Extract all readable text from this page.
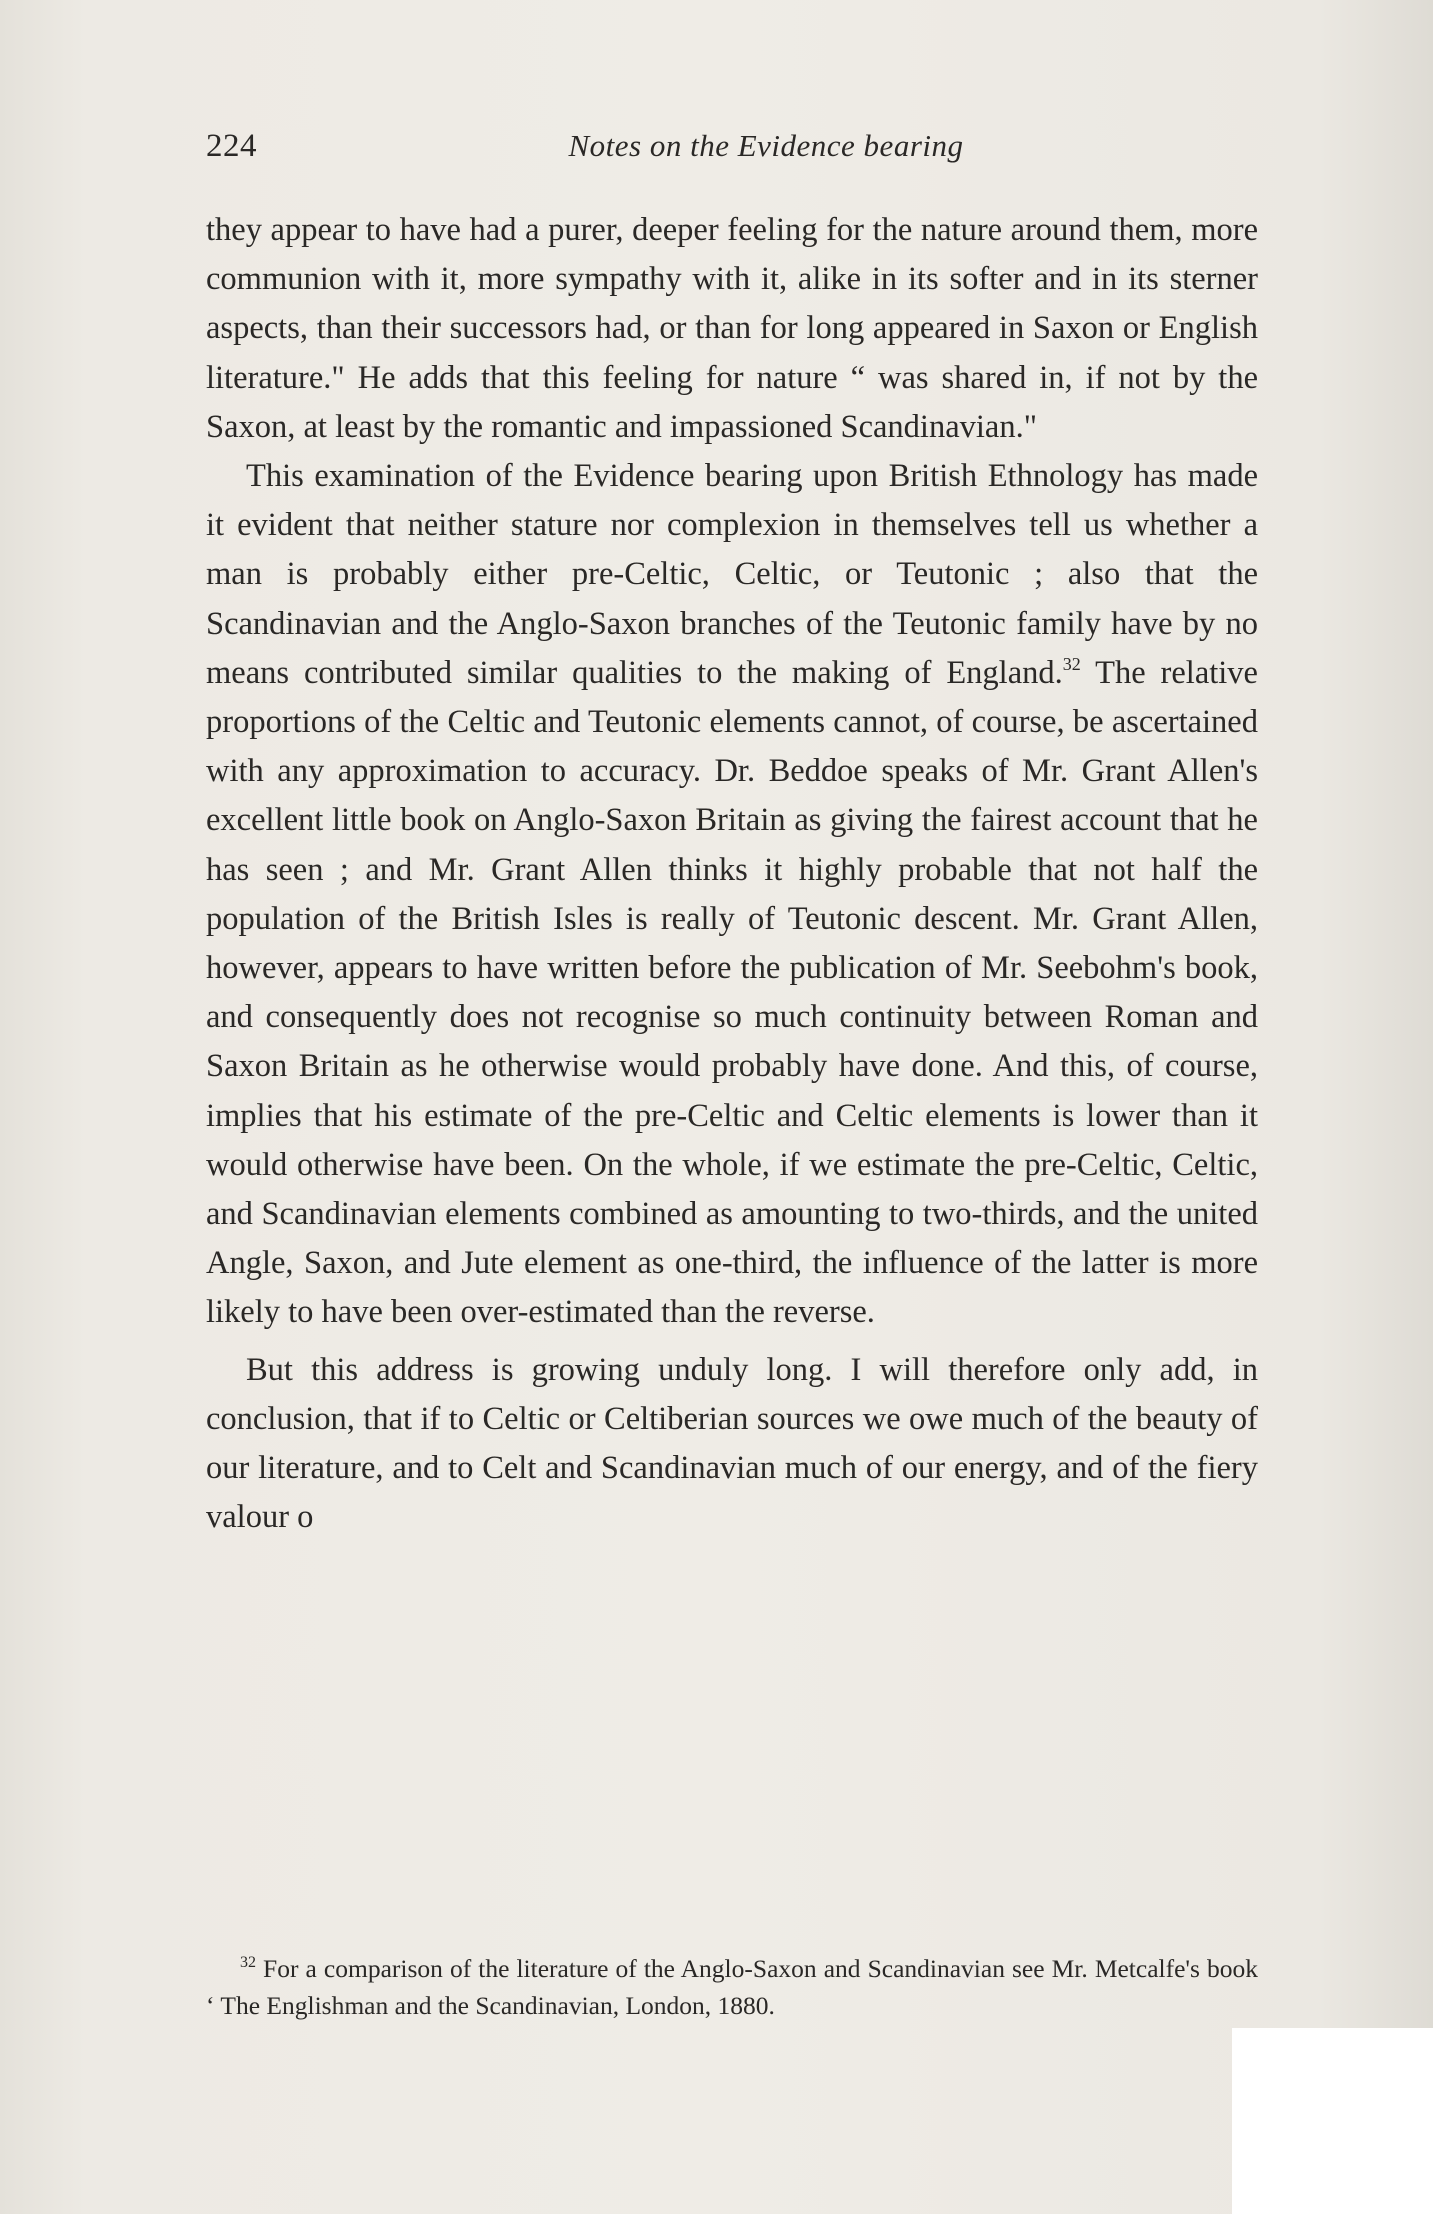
224	Notes on the Evidence bearing

they appear to have had a purer, deeper feeling for the nature around them, more communion with it, more sympathy with it, alike in its softer and in its sterner aspects, than their successors had, or than for long appeared in Saxon or English literature." He adds that this feeling for nature “ was shared in, if not by the Saxon, at least by the romantic and impassioned Scandinavian."

This examination of the Evidence bearing upon British Ethnology has made it evident that neither stature nor complexion in themselves tell us whether a man is probably either pre-Celtic, Celtic, or Teutonic ; also that the Scandinavian and the Anglo-Saxon branches of the Teutonic family have by no means contributed similar qualities to the making of England.$^{32}$ The relative proportions of the Celtic and Teutonic elements cannot, of course, be ascertained with any approximation to accuracy. Dr. Beddoe speaks of Mr. Grant Allen's excellent little book on Anglo-Saxon Britain as giving the fairest account that he has seen ; and Mr. Grant Allen thinks it highly probable that not half the population of the British Isles is really of Teutonic descent. Mr. Grant Allen, however, appears to have written before the publication of Mr. Seebohm's book, and consequently does not recognise so much continuity between Roman and Saxon Britain as he otherwise would probably have done. And this, of course, implies that his estimate of the pre-Celtic and Celtic elements is lower than it would otherwise have been. On the whole, if we estimate the pre-Celtic, Celtic, and Scandinavian elements combined as amounting to two-thirds, and the united Angle, Saxon, and Jute element as one-third, the influence of the latter is more likely to have been over-estimated than the reverse.

But this address is growing unduly long. I will therefore only add, in conclusion, that if to Celtic or Celtiberian sources we owe much of the beauty of our literature, and to Celt and Scandinavian much of our energy, and of the fiery valour o

$^{32}$ For a comparison of the literature of the Anglo-Saxon and Scandinavian see Mr. Metcalfe's book ‘ The Englishman and the Scandinavian, London, 1880.
